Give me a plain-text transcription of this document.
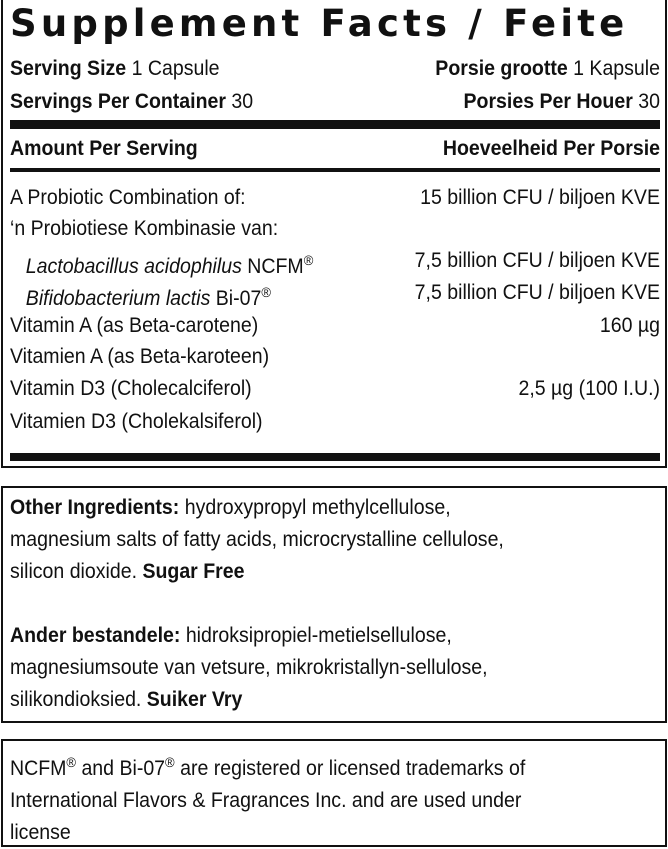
Supplement Facts / Feite
Serving Size 1 Capsule	Porsie grootte 1 Kapsule
Servings Per Container 30	Porsies Per Houer 30
Amount Per Serving	Hoeveelheid Per Porsie
A Probiotic Combination of:	15 billion CFU / biljoen KVE
‘n Probiotiese Kombinasie van:
Lactobacillus acidophilus NCFM®	7,5 billion CFU / biljoen KVE
Bifidobacterium lactis Bi-07®	7,5 billion CFU / biljoen KVE
Vitamin A (as Beta-carotene)	160 µg
Vitamien A (as Beta-karoteen)
Vitamin D3 (Cholecalciferol)	2,5 µg (100 I.U.)
Vitamien D3 (Cholekalsiferol)
Other Ingredients: hydroxypropyl methylcellulose,
magnesium salts of fatty acids, microcrystalline cellulose,
silicon dioxide. Sugar Free
Ander bestandele: hidroksipropiel-metielsellulose,
magnesiumsoute van vetsure, mikrokristallyn-sellulose,
silikondioksied. Suiker Vry
NCFM® and Bi-07® are registered or licensed trademarks of
International Flavors & Fragrances Inc. and are used under
license
